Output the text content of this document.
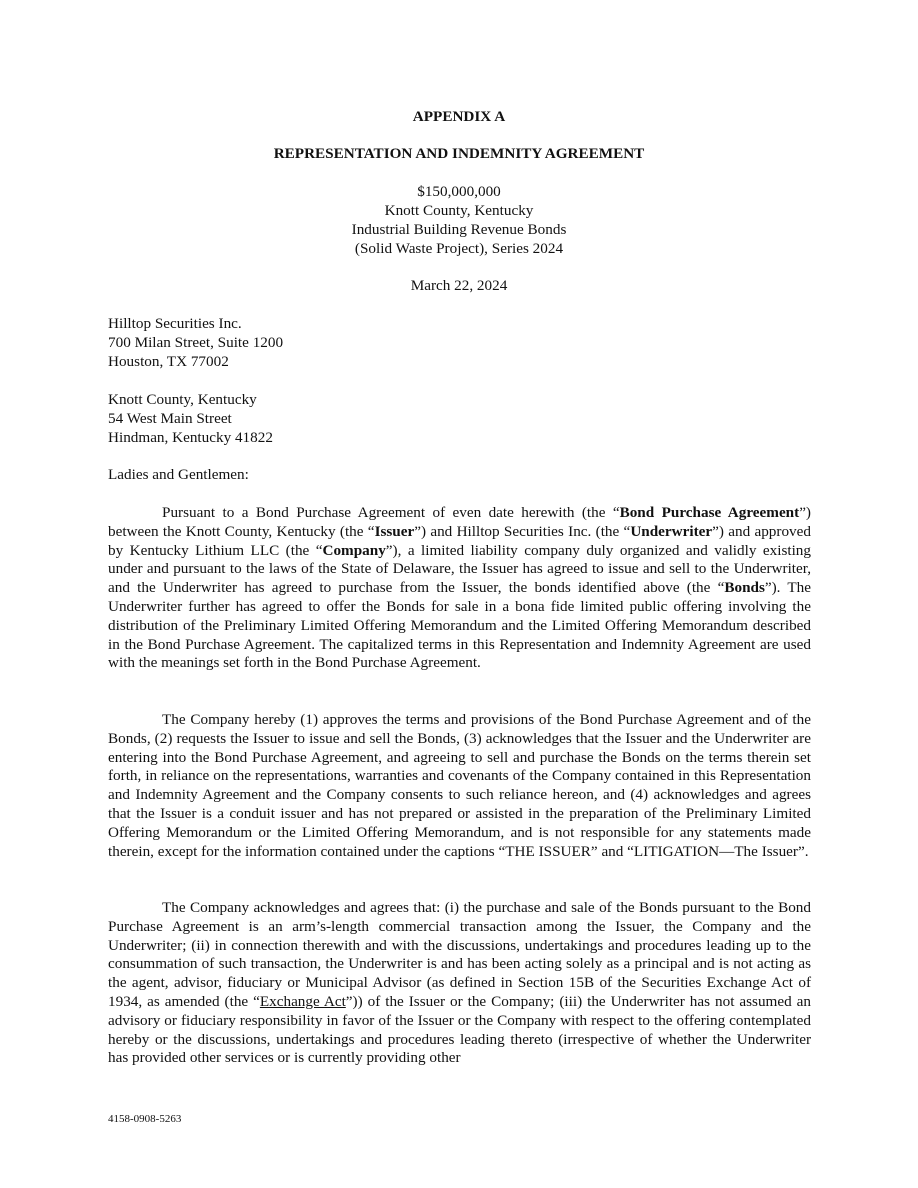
APPENDIX A
REPRESENTATION AND INDEMNITY AGREEMENT
$150,000,000
Knott County, Kentucky
Industrial Building Revenue Bonds
(Solid Waste Project), Series 2024
March 22, 2024
Hilltop Securities Inc.
700 Milan Street, Suite 1200
Houston, TX 77002
Knott County, Kentucky
54 West Main Street
Hindman, Kentucky 41822
Ladies and Gentlemen:

Pursuant to a Bond Purchase Agreement of even date herewith (the “Bond Purchase Agreement”) between the Knott County, Kentucky (the “Issuer”) and Hilltop Securities Inc. (the “Underwriter”) and approved by Kentucky Lithium LLC (the “Company”), a limited liability company duly organized and validly existing under and pursuant to the laws of the State of Delaware, the Issuer has agreed to issue and sell to the Underwriter, and the Underwriter has agreed to purchase from the Issuer, the bonds identified above (the “Bonds”). The Underwriter further has agreed to offer the Bonds for sale in a bona fide limited public offering involving the distribution of the Preliminary Limited Offering Memorandum and the Limited Offering Memorandum described in the Bond Purchase Agreement. The capitalized terms in this Representation and Indemnity Agreement are used with the meanings set forth in the Bond Purchase Agreement.

The Company hereby (1) approves the terms and provisions of the Bond Purchase Agreement and of the Bonds, (2) requests the Issuer to issue and sell the Bonds, (3) acknowledges that the Issuer and the Underwriter are entering into the Bond Purchase Agreement, and agreeing to sell and purchase the Bonds on the terms therein set forth, in reliance on the representations, warranties and covenants of the Company contained in this Representation and Indemnity Agreement and the Company consents to such reliance hereon, and (4) acknowledges and agrees that the Issuer is a conduit issuer and has not prepared or assisted in the preparation of the Preliminary Limited Offering Memorandum or the Limited Offering Memorandum, and is not responsible for any statements made therein, except for the information contained under the captions “THE ISSUER” and “LITIGATION—The Issuer”.

The Company acknowledges and agrees that: (i) the purchase and sale of the Bonds pursuant to the Bond Purchase Agreement is an arm’s-length commercial transaction among the Issuer, the Company and the Underwriter; (ii) in connection therewith and with the discussions, undertakings and procedures leading up to the consummation of such transaction, the Underwriter is and has been acting solely as a principal and is not acting as the agent, advisor, fiduciary or Municipal Advisor (as defined in Section 15B of the Securities Exchange Act of 1934, as amended (the “Exchange Act”)) of the Issuer or the Company; (iii) the Underwriter has not assumed an advisory or fiduciary responsibility in favor of the Issuer or the Company with respect to the offering contemplated hereby or the discussions, undertakings and procedures leading thereto (irrespective of whether the Underwriter has provided other services or is currently providing other

4158-0908-5263
